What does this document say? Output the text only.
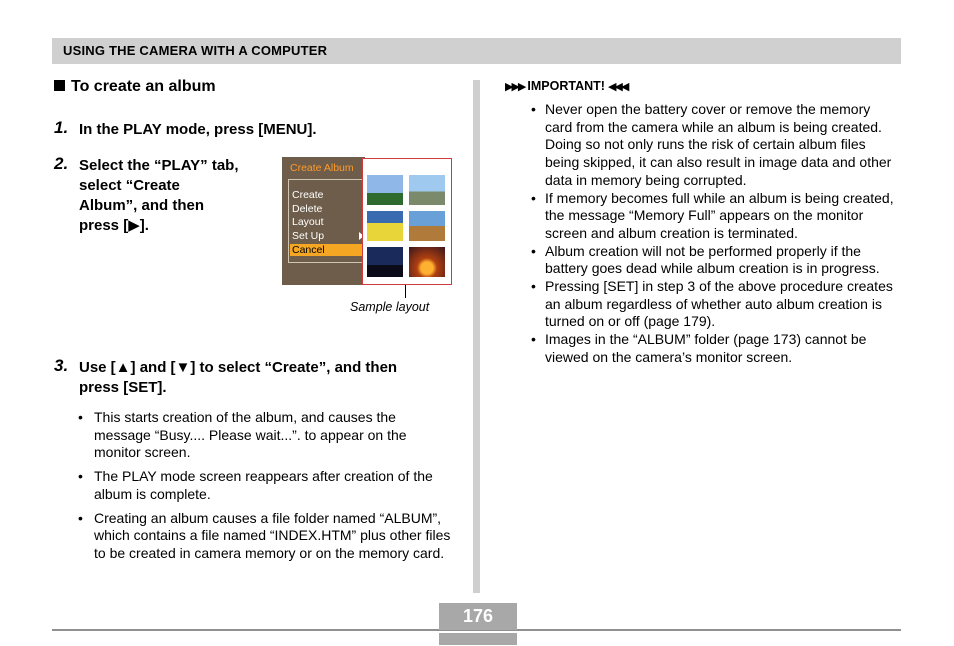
USING THE CAMERA WITH A COMPUTER
To create an album
1. In the PLAY mode, press [MENU].
2. Select the “PLAY” tab,
select “Create
Album”, and then
press [▶].
Create Album
Create
Delete
Layout
Set Up
Cancel
Sample layout
3. Use [▲] and [▼] to select “Create”, and then
press [SET].
• This starts creation of the album, and causes the message “Busy.... Please wait...”. to appear on the monitor screen.
• The PLAY mode screen reappears after creation of the album is complete.
• Creating an album causes a file folder named “ALBUM”, which contains a file named “INDEX.HTM” plus other files to be created in camera memory or on the memory card.
▶▶▶ IMPORTANT! ◀◀◀
• Never open the battery cover or remove the memory card from the camera while an album is being created. Doing so not only runs the risk of certain album files being skipped, it can also result in image data and other data in memory being corrupted.
• If memory becomes full while an album is being created, the message “Memory Full” appears on the monitor screen and album creation is terminated.
• Album creation will not be performed properly if the battery goes dead while album creation is in progress.
• Pressing [SET] in step 3 of the above procedure creates an album regardless of whether auto album creation is turned on or off (page 179).
• Images in the “ALBUM” folder (page 173) cannot be viewed on the camera’s monitor screen.
176
